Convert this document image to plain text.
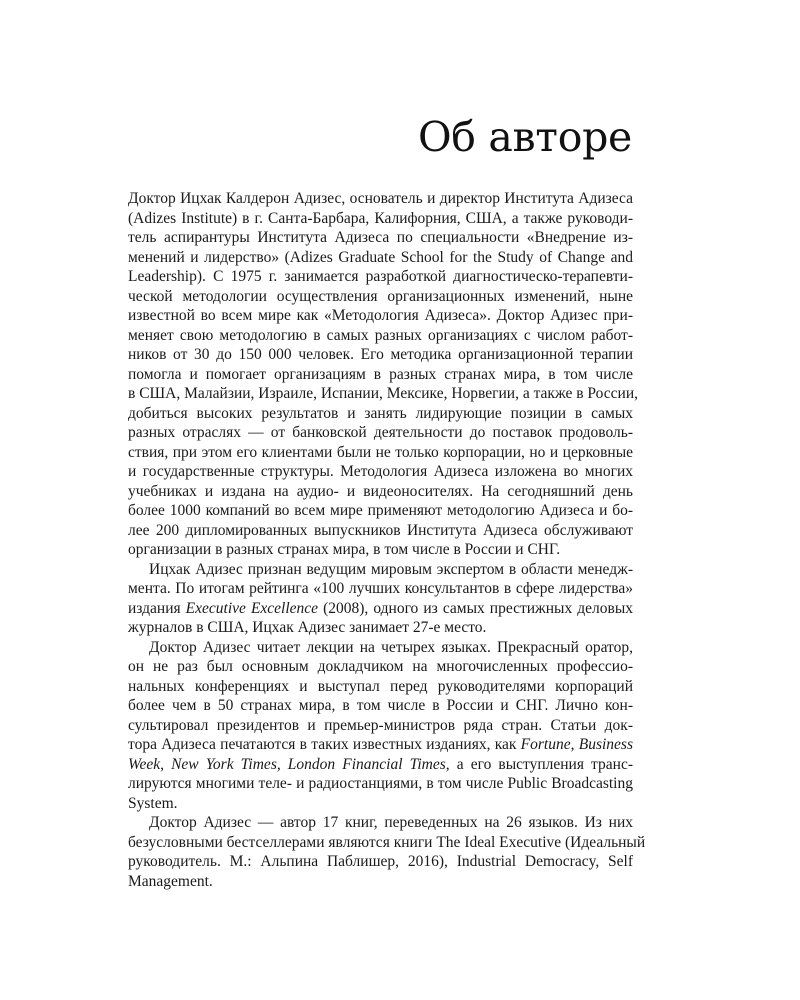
Об авторе

Доктор Ицхак Калдерон Адизес, основатель и директор Института Адизеса
(Adizes Institute) в г. Санта-Барбара, Калифорния, США, а также руководи-
тель аспирантуры Института Адизеса по специальности «Внедрение из-
менений и лидерство» (Adizes Graduate School for the Study of Change and
Leadership). С 1975 г. занимается разработкой диагностическо-терапевти-
ческой методологии осуществления организационных изменений, ныне
известной во всем мире как «Методология Адизеса». Доктор Адизес при-
меняет свою методологию в самых разных организациях с числом работ-
ников от 30 до 150 000 человек. Его методика организационной терапии
помогла и помогает организациям в разных странах мира, в том числе
в США, Малайзии, Израиле, Испании, Мексике, Норвегии, а также в России,
добиться высоких результатов и занять лидирующие позиции в самых
разных отраслях — от банковской деятельности до поставок продоволь-
ствия, при этом его клиентами были не только корпорации, но и церковные
и государственные структуры. Методология Адизеса изложена во многих
учебниках и издана на аудио- и видеоносителях. На сегодняшний день
более 1000 компаний во всем мире применяют методологию Адизеса и бо-
лее 200 дипломированных выпускников Института Адизеса обслуживают
организации в разных странах мира, в том числе в России и СНГ.

Ицхак Адизес признан ведущим мировым экспертом в области менедж-
мента. По итогам рейтинга «100 лучших консультантов в сфере лидерства»
издания Executive Excellence (2008), одного из самых престижных деловых
журналов в США, Ицхак Адизес занимает 27-е место.

Доктор Адизес читает лекции на четырех языках. Прекрасный оратор,
он не раз был основным докладчиком на многочисленных профессио-
нальных конференциях и выступал перед руководителями корпораций
более чем в 50 странах мира, в том числе в России и СНГ. Лично кон-
сультировал президентов и премьер-министров ряда стран. Статьи док-
тора Адизеса печатаются в таких известных изданиях, как Fortune, Business
Week, New York Times, London Financial Times, а его выступления транс-
лируются многими теле- и радиостанциями, в том числе Public Broadcasting
System.

Доктор Адизес — автор 17 книг, переведенных на 26 языков. Из них
безусловными бестселлерами являются книги The Ideal Executive (Идеальный
руководитель. М.: Альпина Паблишер, 2016), Industrial Democracy, Self
Management.
